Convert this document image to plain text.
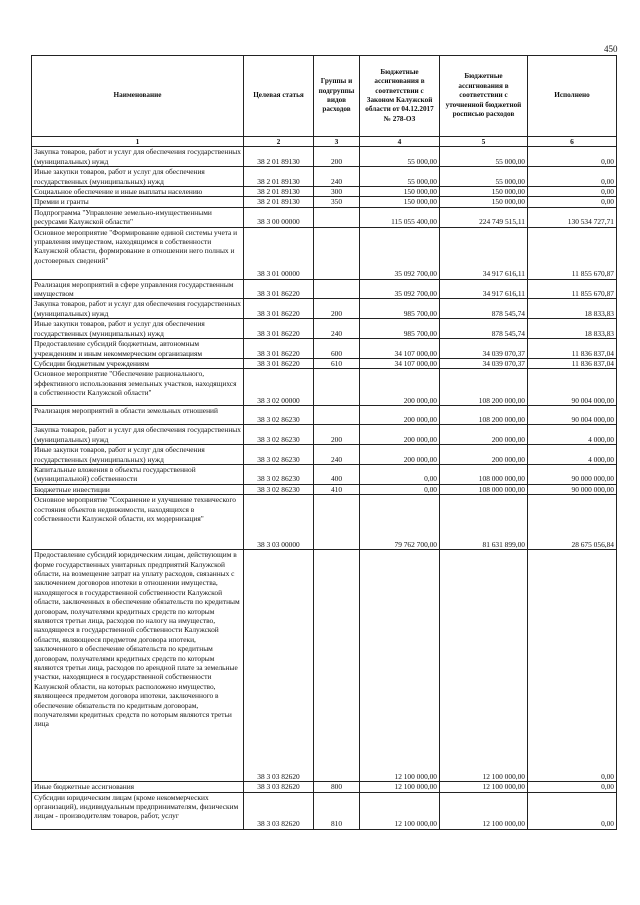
450
Наименование	Целевая статья	Группы и подгруппы видов расходов	Бюджетные ассигнования в соответствии с Законом Калужской области от 04.12.2017 № 278-ОЗ	Бюджетные ассигнования в соответствии с уточненной бюджетной росписью расходов	Исполнено
1	2	3	4	5	6
Закупка товаров, работ и услуг для обеспечения государственных (муниципальных) нужд	38 2 01 89130	200	55 000,00	55 000,00	0,00
Иные закупки товаров, работ и услуг для обеспечения государственных (муниципальных) нужд	38 2 01 89130	240	55 000,00	55 000,00	0,00
Социальное обеспечение и иные выплаты населению	38 2 01 89130	300	150 000,00	150 000,00	0,00
Премии и гранты	38 2 01 89130	350	150 000,00	150 000,00	0,00
Подпрограмма "Управление земельно-имущественными ресурсами Калужской области"	38 3 00 00000		115 055 400,00	224 749 515,11	130 534 727,71
Основное мероприятие "Формирование единой системы учета и управления имуществом, находящимся в собственности Калужской области, формирование в отношении него полных и достоверных сведений"	38 3 01 00000		35 092 700,00	34 917 616,11	11 855 670,87
Реализация мероприятий в сфере управления государственным имуществом	38 3 01 86220		35 092 700,00	34 917 616,11	11 855 670,87
Закупка товаров, работ и услуг для обеспечения государственных (муниципальных) нужд	38 3 01 86220	200	985 700,00	878 545,74	18 833,83
Иные закупки товаров, работ и услуг для обеспечения государственных (муниципальных) нужд	38 3 01 86220	240	985 700,00	878 545,74	18 833,83
Предоставление субсидий бюджетным, автономным учреждениям и иным некоммерческим организациям	38 3 01 86220	600	34 107 000,00	34 039 070,37	11 836 837,04
Субсидии бюджетным учреждениям	38 3 01 86220	610	34 107 000,00	34 039 070,37	11 836 837,04
Основное мероприятие "Обеспечение рационального, эффективного использования земельных участков, находящихся в собственности Калужской области"	38 3 02 00000		200 000,00	108 200 000,00	90 004 000,00
Реализация мероприятий в области земельных отношений	38 3 02 86230		200 000,00	108 200 000,00	90 004 000,00
Закупка товаров, работ и услуг для обеспечения государственных (муниципальных) нужд	38 3 02 86230	200	200 000,00	200 000,00	4 000,00
Иные закупки товаров, работ и услуг для обеспечения государственных (муниципальных) нужд	38 3 02 86230	240	200 000,00	200 000,00	4 000,00
Капитальные вложения в объекты государственной (муниципальной) собственности	38 3 02 86230	400	0,00	108 000 000,00	90 000 000,00
Бюджетные инвестиции	38 3 02 86230	410	0,00	108 000 000,00	90 000 000,00
Основное мероприятие "Сохранение и улучшение технического состояния объектов недвижимости, находящихся в собственности Калужской области, их модернизация"	38 3 03 00000		79 762 700,00	81 631 899,00	28 675 056,84
Предоставление субсидий юридическим лицам, действующим в форме государственных унитарных предприятий Калужской области, на возмещение затрат на уплату расходов, связанных с заключением договоров ипотеки в отношении имущества, находящегося в государственной собственности Калужской области, заключенных в обеспечение обязательств по кредитным договорам, получателями кредитных средств по которым являются третьи лица, расходов по налогу на имущество, находящееся в государственной собственности Калужской области, являющееся предметом договора ипотеки, заключенного в обеспечение обязательств по кредитным договорам, получателями кредитных средств по которым являются третьи лица, расходов по арендной плате за земельные участки, находящиеся в государственной собственности Калужской области, на которых расположено имущество, являющееся предметом договора ипотеки, заключенного в обеспечение обязательств по кредитным договорам, получателями кредитных средств по которым являются третьи лица	38 3 03 82620		12 100 000,00	12 100 000,00	0,00
Иные бюджетные ассигнования	38 3 03 82620	800	12 100 000,00	12 100 000,00	0,00
Субсидии юридическим лицам (кроме некоммерческих организаций), индивидуальным предпринимателям, физическим лицам - производителям товаров, работ, услуг	38 3 03 82620	810	12 100 000,00	12 100 000,00	0,00
